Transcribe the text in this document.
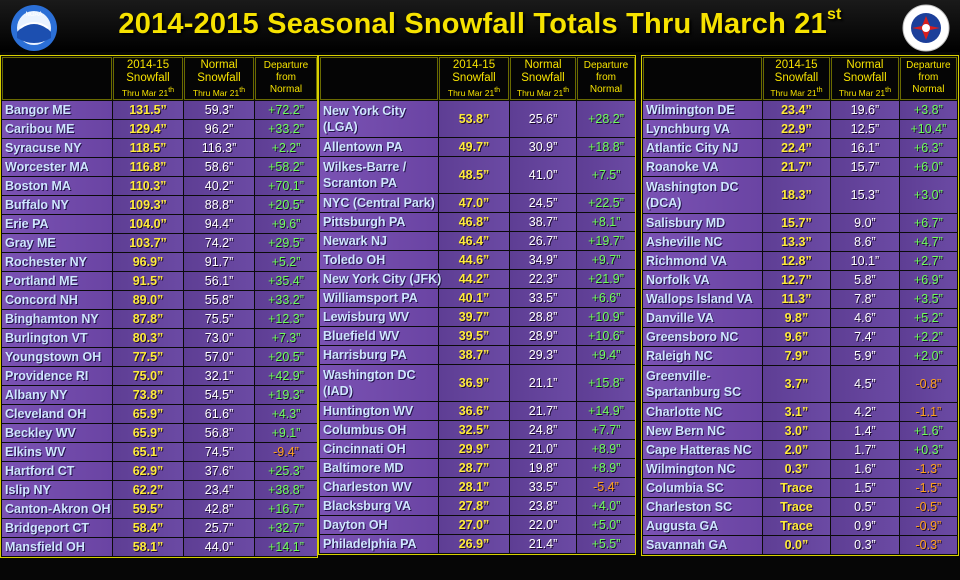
NOAA	2014-2015 Seasonal Snowfall Totals Thru March 21st
	2014-15
Snowfall
Thru Mar 21th	Normal
Snowfall
Thru Mar 21th	Departure
from
Normal
Bangor ME	131.5”	59.3”	+72.2”
Caribou ME	129.4”	96.2”	+33.2”
Syracuse NY	118.5”	116.3”	+2.2”
Worcester MA	116.8”	58.6”	+58.2”
Boston MA	110.3”	40.2”	+70.1”
Buffalo NY	109.3”	88.8”	+20.5”
Erie PA	104.0”	94.4”	+9.6”
Gray ME	103.7”	74.2”	+29.5”
Rochester NY	96.9”	91.7”	+5.2”
Portland ME	91.5”	56.1”	+35.4”
Concord NH	89.0”	55.8”	+33.2”
Binghamton NY	87.8”	75.5”	+12.3”
Burlington VT	80.3”	73.0”	+7.3”
Youngstown OH	77.5”	57.0”	+20.5”
Providence RI	75.0”	32.1”	+42.9”
Albany NY	73.8”	54.5”	+19.3”
Cleveland OH	65.9”	61.6”	+4.3”
Beckley WV	65.9”	56.8”	+9.1”
Elkins WV	65.1”	74.5”	-9.4”
Hartford CT	62.9”	37.6”	+25.3”
Islip NY	62.2”	23.4”	+38.8”
Canton-Akron OH	59.5”	42.8”	+16.7”
Bridgeport CT	58.4”	25.7”	+32.7”
Mansfield OH	58.1”	44.0”	+14.1”
	2014-15
Snowfall
Thru Mar 21th	Normal
Snowfall
Thru Mar 21th	Departure
from
Normal
New York City (LGA)	53.8”	25.6”	+28.2”
Allentown PA	49.7”	30.9”	+18.8”
Wilkes-Barre / Scranton PA	48.5”	41.0”	+7.5”
NYC (Central Park)	47.0”	24.5”	+22.5”
Pittsburgh PA	46.8”	38.7”	+8.1”
Newark NJ	46.4”	26.7”	+19.7”
Toledo OH	44.6”	34.9”	+9.7”
New York City (JFK)	44.2”	22.3”	+21.9”
Williamsport PA	40.1”	33.5”	+6.6”
Lewisburg WV	39.7”	28.8”	+10.9”
Bluefield WV	39.5”	28.9”	+10.6”
Harrisburg PA	38.7”	29.3”	+9.4”
Washington DC (IAD)	36.9”	21.1”	+15.8”
Huntington WV	36.6”	21.7”	+14.9”
Columbus OH	32.5”	24.8”	+7.7”
Cincinnati OH	29.9”	21.0”	+8.9”
Baltimore MD	28.7”	19.8”	+8.9”
Charleston WV	28.1”	33.5”	-5.4”
Blacksburg VA	27.8”	23.8”	+4.0”
Dayton OH	27.0”	22.0”	+5.0”
Philadelphia PA	26.9”	21.4”	+5.5”
	2014-15
Snowfall
Thru Mar 21th	Normal
Snowfall
Thru Mar 21th	Departure
from
Normal
Wilmington DE	23.4”	19.6”	+3.8”
Lynchburg VA	22.9”	12.5”	+10.4”
Atlantic City NJ	22.4”	16.1”	+6.3”
Roanoke VA	21.7”	15.7”	+6.0”
Washington DC (DCA)	18.3”	15.3”	+3.0”
Salisbury MD	15.7”	9.0”	+6.7”
Asheville NC	13.3”	8.6”	+4.7”
Richmond VA	12.8”	10.1”	+2.7”
Norfolk VA	12.7”	5.8”	+6.9”
Wallops Island VA	11.3”	7.8”	+3.5”
Danville VA	9.8”	4.6”	+5.2”
Greensboro NC	9.6”	7.4”	+2.2”
Raleigh NC	7.9”	5.9”	+2.0”
Greenville-Spartanburg SC	3.7”	4.5”	-0.8”
Charlotte NC	3.1”	4.2”	-1.1”
New Bern NC	3.0”	1.4”	+1.6”
Cape Hatteras NC	2.0”	1.7”	+0.3”
Wilmington NC	0.3”	1.6”	-1.3”
Columbia SC	Trace	1.5”	-1.5”
Charleston SC	Trace	0.5”	-0.5”
Augusta GA	Trace	0.9”	-0.9”
Savannah GA	0.0”	0.3”	-0.3”
